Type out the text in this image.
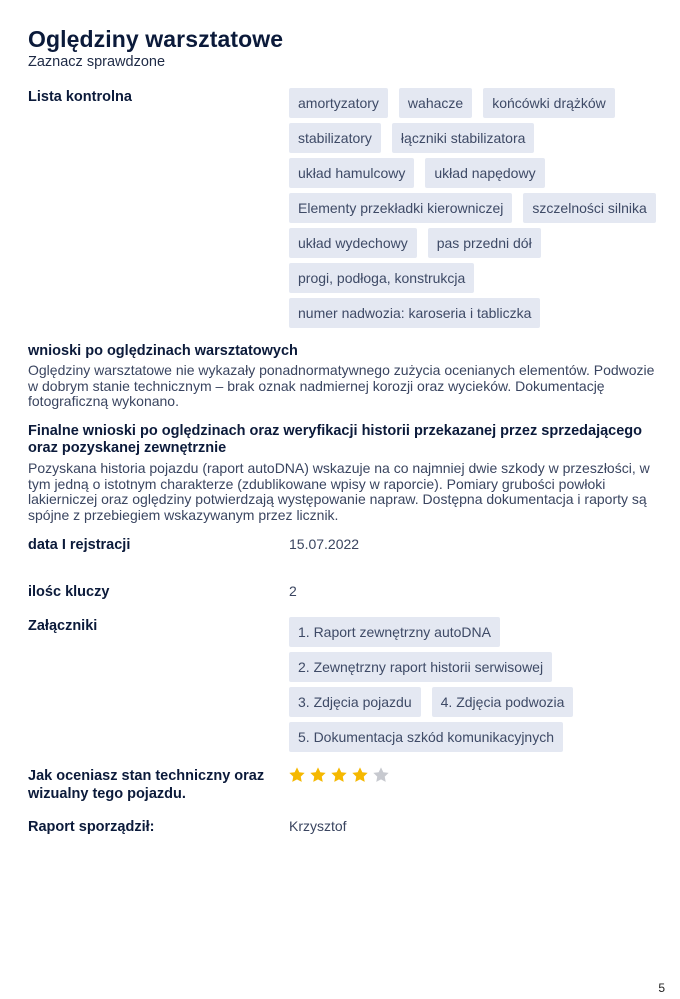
Oględziny warsztatowe
Zaznacz sprawdzone
Lista kontrolna	amortyzatory	wahacze	końcówki drążków
stabilizatory	łączniki stabilizatora
układ hamulcowy	układ napędowy
Elementy przekładki kierowniczej	szczelności silnika
układ wydechowy	pas przedni dół
progi, podłoga, konstrukcja
numer nadwozia: karoseria i tabliczka
wnioski po oględzinach warsztatowych
Oględziny warsztatowe nie wykazały ponadnormatywnego zużycia ocenianych elementów. Podwozie w dobrym stanie technicznym – brak oznak nadmiernej korozji oraz wycieków. Dokumentację fotograficzną wykonano.
Finalne wnioski po oględzinach oraz weryfikacji historii przekazanej przez sprzedającego oraz pozyskanej zewnętrznie
Pozyskana historia pojazdu (raport autoDNA) wskazuje na co najmniej dwie szkody w przeszłości, w tym jedną o istotnym charakterze (zdublikowane wpisy w raporcie). Pomiary grubości powłoki lakierniczej oraz oględziny potwierdzają występowanie napraw. Dostępna dokumentacja i raporty są spójne z przebiegiem wskazywanym przez licznik.
data I rejstracji	15.07.2022
ilośc kluczy	2
Załączniki	1. Raport zewnętrzny autoDNA
2. Zewnętrzny raport historii serwisowej
3. Zdjęcia pojazdu	4. Zdjęcia podwozia
5. Dokumentacja szkód komunikacyjnych
Jak oceniasz stan techniczny oraz wizualny tego pojazdu.
Raport sporządził:	Krzysztof
5
